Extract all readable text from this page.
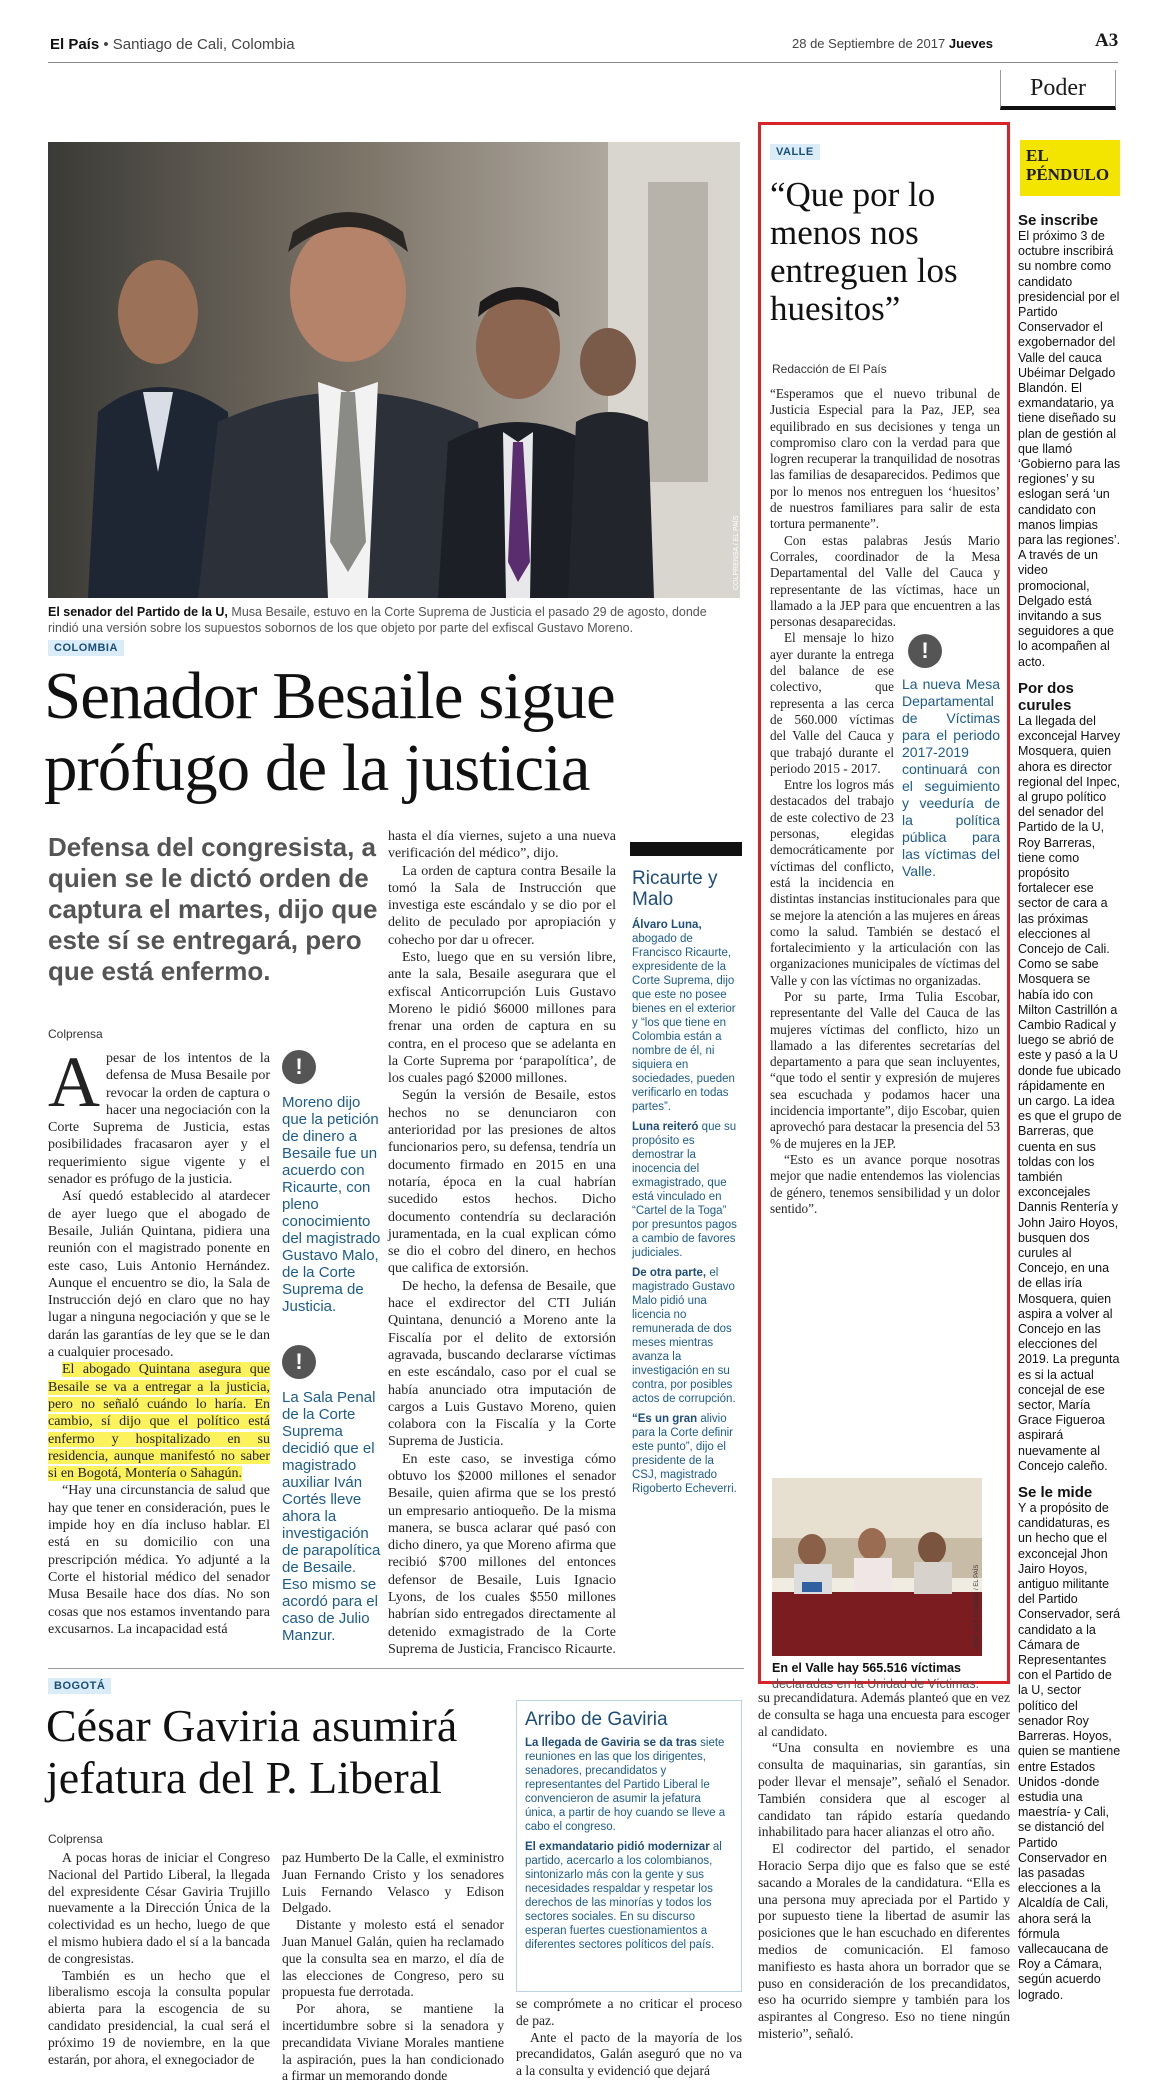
El País • Santiago de Cali, Colombia	28 de Septiembre de 2017 Jueves	A3
Poder
COLPRENSA / EL PAÍS
El senador del Partido de la U, Musa Besaile, estuvo en la Corte Suprema de Justicia el pasado 29 de agosto, donde rindió una versión sobre los supuestos sobornos de los que objeto por parte del exfiscal Gustavo Moreno.
COLOMBIA
Senador Besaile sigue
prófugo de la justicia
Defensa del congresista, a quien se le dictó orden de captura el martes, dijo que este sí se entregará, pero que está enfermo.
Colprensa
A pesar de los intentos de la defensa de Musa Besaile por revocar la orden de captura o hacer una negociación con la Corte Suprema de Justicia, estas posibilidades fracasaron ayer y el requerimiento sigue vigente y el senador es prófugo de la justicia.

Así quedó establecido al atardecer de ayer luego que el abogado de Besaile, Julián Quintana, pidiera una reunión con el magistrado ponente en este caso, Luis Antonio Hernández. Aunque el encuentro se dio, la Sala de Instrucción dejó en claro que no hay lugar a ninguna negociación y que se le darán las garantías de ley que se le dan a cualquier procesado.

El abogado Quintana asegura que Besaile se va a entregar a la justicia, pero no señaló cuándo lo haría. En cambio, sí dijo que el político está enfermo y hospitalizado en su residencia, aunque manifestó no saber si en Bogotá, Montería o Sahagún.

“Hay una circunstancia de salud que hay que tener en consideración, pues le impide hoy en día incluso hablar. El está en su domicilio con una prescripción médica. Yo adjunté a la Corte el historial médico del senador Musa Besaile hace dos días. No son cosas que nos estamos inventando para excusarnos. La incapacidad está

!
Moreno dijo que la petición de dinero a Besaile fue un acuerdo con Ricaurte, con pleno conocimiento del magistrado Gustavo Malo, de la Corte Suprema de Justicia.
!
La Sala Penal de la Corte Suprema decidió que el magistrado auxiliar Iván Cortés lleve ahora la investigación de parapolítica de Besaile. Eso mismo se acordó para el caso de Julio Manzur.

hasta el día viernes, sujeto a una nueva verificación del médico”, dijo.

La orden de captura contra Besaile la tomó la Sala de Instrucción que investiga este escándalo y se dio por el delito de peculado por apropiación y cohecho por dar u ofrecer.

Esto, luego que en su versión libre, ante la sala, Besaile asegurara que el exfiscal Anticorrupción Luis Gustavo Moreno le pidió $6000 millones para frenar una orden de captura en su contra, en el proceso que se adelanta en la Corte Suprema por ‘parapolítica’, de los cuales pagó $2000 millones.

Según la versión de Besaile, estos hechos no se denunciaron con anterioridad por las presiones de altos funcionarios pero, su defensa, tendría un documento firmado en 2015 en una notaría, época en la cual habrían sucedido estos hechos. Dicho documento contendría su declaración juramentada, en la cual explican cómo se dio el cobro del dinero, en hechos que califica de extorsión.

De hecho, la defensa de Besaile, que hace el exdirector del CTI Julián Quintana, denunció a Moreno ante la Fiscalía por el delito de extorsión agravada, buscando declararse víctimas en este escándalo, caso por el cual se había anunciado otra imputación de cargos a Luis Gustavo Moreno, quien colabora con la Fiscalía y la Corte Suprema de Justicia.

En este caso, se investiga cómo obtuvo los $2000 millones el senador Besaile, quien afirma que se los prestó un empresario antioqueño. De la misma manera, se busca aclarar qué pasó con dicho dinero, ya que Moreno afirma que recibió $700 millones del entonces defensor de Besaile, Luis Ignacio Lyons, de los cuales $550 millones habrían sido entregados directamente al detenido exmagistrado de la Corte Suprema de Justicia, Francisco Ricaurte.

Ricaurte y Malo
Álvaro Luna, abogado de Francisco Ricaurte, expresidente de la Corte Suprema, dijo que este no posee bienes en el exterior y “los que tiene en Colombia están a nombre de él, ni siquiera en sociedades, pueden verificarlo en todas partes”.
Luna reiteró que su propósito es demostrar la inocencia del exmagistrado, que está vinculado en “Cartel de la Toga” por presuntos pagos a cambio de favores judiciales.
De otra parte, el magistrado Gustavo Malo pidió una licencia no remunerada de dos meses mientras avanza la investigación en su contra, por posibles actos de corrupción.
“Es un gran alivio para la Corte definir este punto”, dijo el presidente de la CSJ, magistrado Rigoberto Echeverri.
VALLE
“Que por lo menos nos entreguen los huesitos”
Redacción de El País

“Esperamos que el nuevo tribunal de Justicia Especial para la Paz, JEP, sea equilibrado en sus decisiones y tenga un compromiso claro con la verdad para que logren recuperar la tranquilidad de nosotras las familias de desaparecidos. Pedimos que por lo menos nos entreguen los ‘huesitos’ de nuestros familiares para salir de esta tortura permanente”.

Con estas palabras Jesús Mario Corrales, coordinador de la Mesa Departamental del Valle del Cauca y representante de las víctimas, hace un llamado a la JEP para que encuentren a las personas desaparecidas.

!
La nueva Mesa Departamental de Víctimas para el periodo 2017-2019 continuará con el seguimiento y veeduría de la política pública para las víctimas del Valle.

El mensaje lo hizo ayer durante la entrega del balance de ese colectivo, que representa a las cerca de 560.000 víctimas del Valle del Cauca y que trabajó durante el periodo 2015 - 2017.

Entre los logros más destacados del trabajo de este colectivo de 23 personas, elegidas democráticamente por víctimas del conflicto, está la incidencia en distintas instancias institucionales para que se mejore la atención a las mujeres en áreas como la salud. También se destacó el fortalecimiento y la articulación con las organizaciones municipales de víctimas del Valle y con las víctimas no organizadas.

Por su parte, Irma Tulia Escobar, representante del Valle del Cauca de las mujeres víctimas del conflicto, hizo un llamado a las diferentes secretarías del departamento a para que sean incluyentes, “que todo el sentir y expresión de mujeres sea escuchada y podamos hacer una incidencia importante”, dijo Escobar, quien aprovechó para destacar la presencia del 53 % de mujeres en la JEP.

“Esto es un avance porque nosotras mejor que nadie entendemos las violencias de género, tenemos sensibilidad y un dolor sentido”.

JOSÉ LUIS GUZMÁN / EL PAÍS
En el Valle hay 565.516 víctimas declaradas en la Unidad de Víctimas.
EL
PÉNDULO
Se inscribe
El próximo 3 de octubre inscribirá su nombre como candidato presidencial por el Partido Conservador el exgobernador del Valle del cauca Ubéimar Delgado Blandón. El exmandatario, ya tiene diseñado su plan de gestión al que llamó ‘Gobierno para las regiones’ y su eslogan será ‘un candidato con manos limpias para las regiones’. A través de un video promocional, Delgado está invitando a sus seguidores a que lo acompañen al acto.
Por dos curules
La llegada del exconcejal Harvey Mosquera, quien ahora es director regional del Inpec, al grupo político del senador del Partido de la U, Roy Barreras, tiene como propósito fortalecer ese sector de cara a las próximas elecciones al Concejo de Cali. Como se sabe Mosquera se había ido con Milton Castrillón a Cambio Radical y luego se abrió de este y pasó a la U donde fue ubicado rápidamente en un cargo. La idea es que el grupo de Barreras, que cuenta en sus toldas con los también exconcejales Dannis Rentería y John Jairo Hoyos, busquen dos curules al Concejo, en una de ellas iría Mosquera, quien aspira a volver al Concejo en las elecciones del 2019. La pregunta es si la actual concejal de ese sector, María Grace Figueroa aspirará nuevamente al Concejo caleño.
Se le mide
Y a propósito de candidaturas, es un hecho que el exconcejal Jhon Jairo Hoyos, antiguo militante del Partido Conservador, será candidato a la Cámara de Representantes con el Partido de la U, sector político del senador Roy Barreras. Hoyos, quien se mantiene entre Estados Unidos -donde estudia una maestría- y Cali, se distanció del Partido Conservador en las pasadas elecciones a la Alcaldía de Cali, ahora será la fórmula vallecaucana de Roy a Cámara, según acuerdo logrado.
BOGOTÁ
César Gaviria asumirá
jefatura del P. Liberal
Colprensa

A pocas horas de iniciar el Congreso Nacional del Partido Liberal, la llegada del expresidente César Gaviria Trujillo nuevamente a la Dirección Única de la colectividad es un hecho, luego de que el mismo hubiera dado el sí a la bancada de congresistas.

También es un hecho que el liberalismo escoja la consulta popular abierta para la escogencia de su candidato presidencial, la cual será el próximo 19 de noviembre, en la que estarán, por ahora, el exnegociador de

paz Humberto De la Calle, el exministro Juan Fernando Cristo y los senadores Luis Fernando Velasco y Edison Delgado.

Distante y molesto está el senador Juan Manuel Galán, quien ha reclamado que la consulta sea en marzo, el día de las elecciones de Congreso, pero su propuesta fue derrotada.

Por ahora, se mantiene la incertidumbre sobre si la senadora y precandidata Viviane Morales mantiene la aspiración, pues la han condicionado a firmar un memorando donde

Arribo de Gaviria
La llegada de Gaviria se da tras siete reuniones en las que los dirigentes, senadores, precandidatos y representantes del Partido Liberal le convencieron de asumir la jefatura única, a partir de hoy cuando se lleve a cabo el congreso.
El exmandatario pidió modernizar al partido, acercarlo a los colombianos, sintonizarlo más con la gente y sus necesidades respaldar y respetar los derechos de las minorías y todos los sectores sociales. En su discurso esperan fuertes cuestionamientos a diferentes sectores políticos del país.

se comprómete a no criticar el proceso de paz.

Ante el pacto de la mayoría de los precandidatos, Galán aseguró que no va a la consulta y evidenció que dejará

su precandidatura. Además planteó que en vez de consulta se haga una encuesta para escoger al candidato.

“Una consulta en noviembre es una consulta de maquinarias, sin garantías, sin poder llevar el mensaje”, señaló el Senador. También considera que al escoger al candidato tan rápido estaría quedando inhabilitado para hacer alianzas el otro año.

El codirector del partido, el senador Horacio Serpa dijo que es falso que se esté sacando a Morales de la candidatura. “Ella es una persona muy apreciada por el Partido y por supuesto tiene la libertad de asumir las posiciones que le han escuchado en diferentes medios de comunicación. El famoso manifiesto es hasta ahora un borrador que se puso en consideración de los precandidatos, eso ha ocurrido siempre y también para los aspirantes al Congreso. Eso no tiene ningún misterio”, señaló.
